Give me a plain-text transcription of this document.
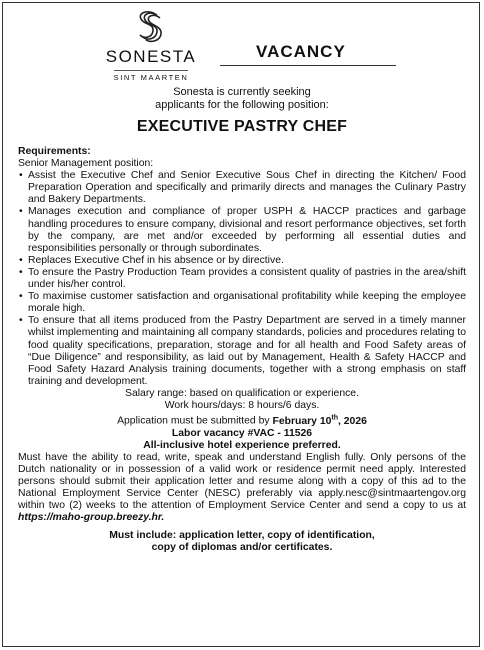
SONESTA
SINT MAARTEN
VACANCY
Sonesta is currently seeking
applicants for the following position:
EXECUTIVE PASTRY CHEF
Requirements:
Senior Management position:
• Assist the Executive Chef and Senior Executive Sous Chef in directing the Kitchen/ Food Preparation Operation and specifically and primarily directs and manages the Culinary Pastry and Bakery Departments.
• Manages execution and compliance of proper USPH & HACCP practices and garbage handling procedures to ensure company, divisional and resort performance objectives, set forth by the company, are met and/or exceeded by performing all essential duties and responsibilities personally or through subordinates.
• Replaces Executive Chef in his absence or by directive.
• To ensure the Pastry Production Team provides a consistent quality of pastries in the area/shift under his/her control.
• To maximise customer satisfaction and organisational profitability while keeping the employee morale high.
• To ensure that all items produced from the Pastry Department are served in a timely manner whilst implementing and maintaining all company standards, policies and procedures relating to food quality specifications, preparation, storage and for all health and Food Safety areas of “Due Diligence” and responsibility, as laid out by Management, Health & Safety HACCP and Food Safety Hazard Analysis training documents, together with a strong emphasis on staff training and development.
Salary range: based on qualification or experience.
Work hours/days: 8 hours/6 days.
Application must be submitted by February 10th, 2026
Labor vacancy #VAC - 11526
All-inclusive hotel experience preferred.
Must have the ability to read, write, speak and understand English fully. Only persons of the Dutch nationality or in possession of a valid work or residence permit need apply. Interested persons should submit their application letter and resume along with a copy of this ad to the National Employment Service Center (NESC) preferably via apply.nesc@sintmaartengov.org within two (2) weeks to the attention of Employment Service Center and send a copy to us at https://maho-group.breezy.hr.
Must include: application letter, copy of identification,
copy of diplomas and/or certificates.
